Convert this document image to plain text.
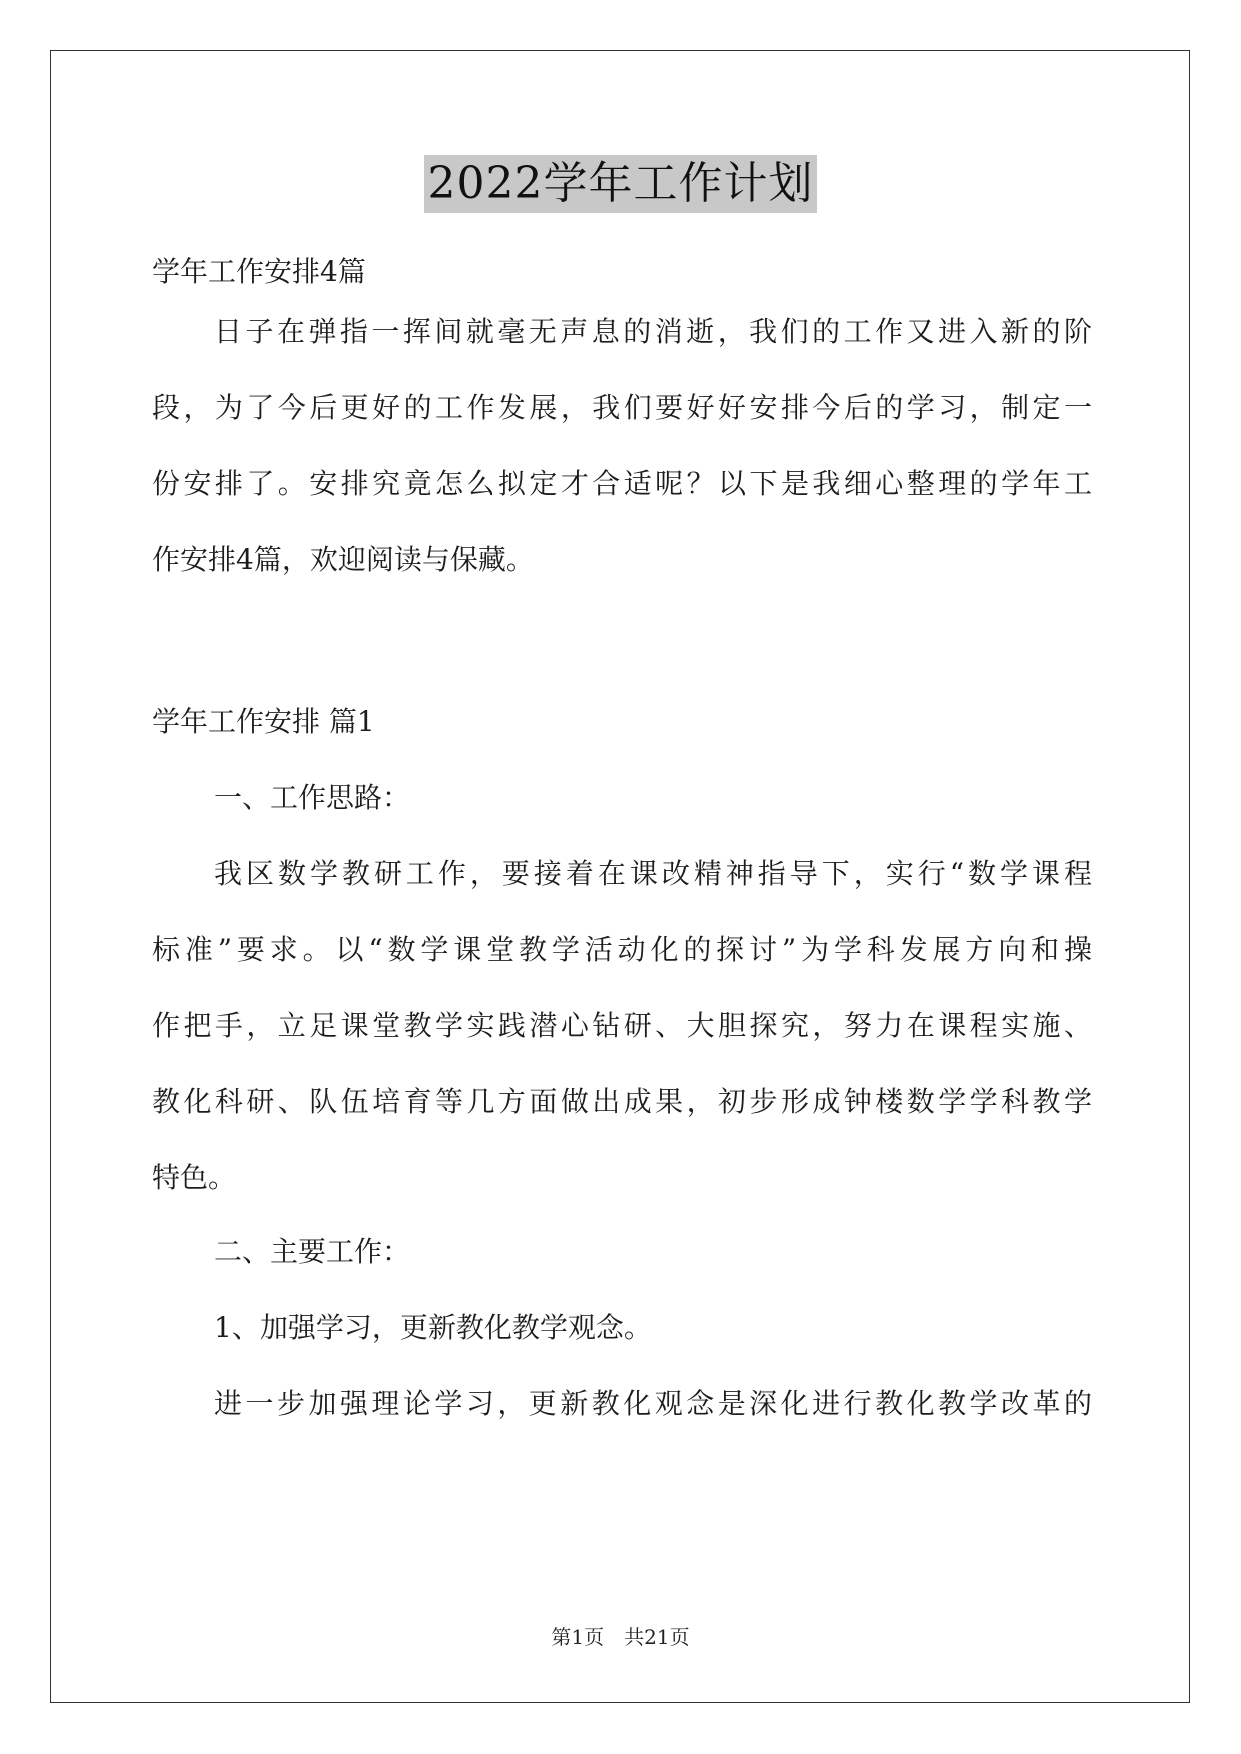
2022学年工作计划
学年工作安排4篇
日子在弹指一挥间就毫无声息的消逝，我们的工作又进入新的阶
段，为了今后更好的工作发展，我们要好好安排今后的学习，制定一
份安排了。安排究竟怎么拟定才合适呢？以下是我细心整理的学年工
作安排4篇，欢迎阅读与保藏。
学年工作安排 篇1
一、工作思路：
我区数学教研工作，要接着在课改精神指导下，实行“数学课程
标准”要求。以“数学课堂教学活动化的探讨”为学科发展方向和操
作把手，立足课堂教学实践潜心钻研、大胆探究，努力在课程实施、
教化科研、队伍培育等几方面做出成果，初步形成钟楼数学学科教学
特色。
二、主要工作：
1、加强学习，更新教化教学观念。
进一步加强理论学习，更新教化观念是深化进行教化教学改革的
第1页 共21页
